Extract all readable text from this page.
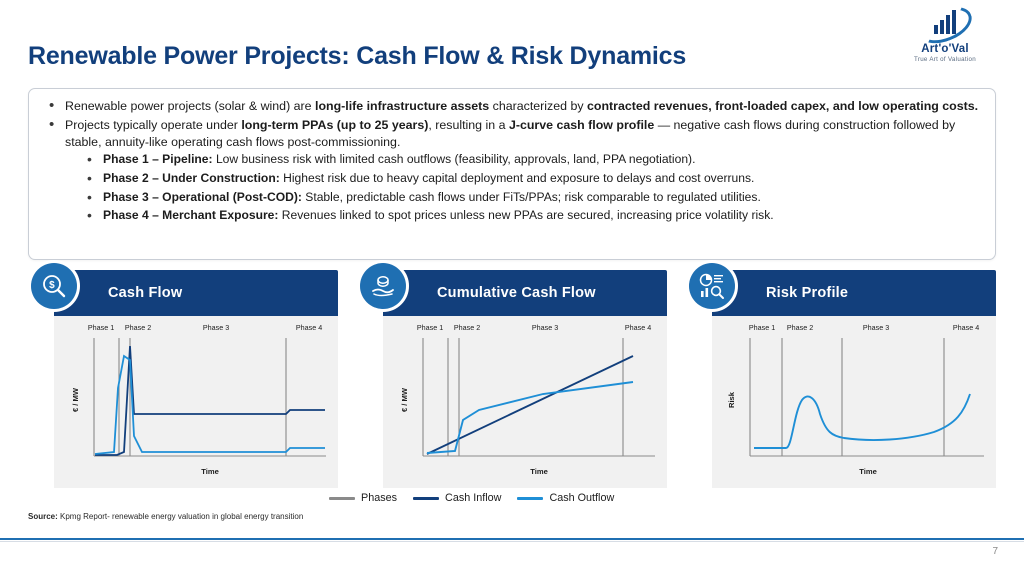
Art'o'Val
True Art of Valuation
Renewable Power Projects: Cash Flow & Risk Dynamics
• Renewable power projects (solar & wind) are long-life infrastructure assets characterized by contracted revenues, front-loaded capex, and low operating costs.
• Projects typically operate under long-term PPAs (up to 25 years), resulting in a J-curve cash flow profile — negative cash flows during construction followed by stable, annuity-like operating cash flows post-commissioning.
• Phase 1 – Pipeline: Low business risk with limited cash outflows (feasibility, approvals, land, PPA negotiation).
• Phase 2 – Under Construction: Highest risk due to heavy capital deployment and exposure to delays and cost overruns.
• Phase 3 – Operational (Post-COD): Stable, predictable cash flows under FiTs/PPAs; risk comparable to regulated utilities.
• Phase 4 – Merchant Exposure: Revenues linked to spot prices unless new PPAs are secured, increasing price volatility risk.
Cash Flow
$
Phase 1 Phase 2	Phase 3	Phase 4
Time
€ / MW
Cumulative Cash Flow
Phase 1 Phase 2	Phase 3	Phase 4
Time
€ / MW
Risk Profile
Phase 1 Phase 2	Phase 3	Phase 4
Time
Risk
Phases	Cash Inflow	Cash Outflow
Source: Kpmg Report- renewable energy valuation in global energy transition
7
